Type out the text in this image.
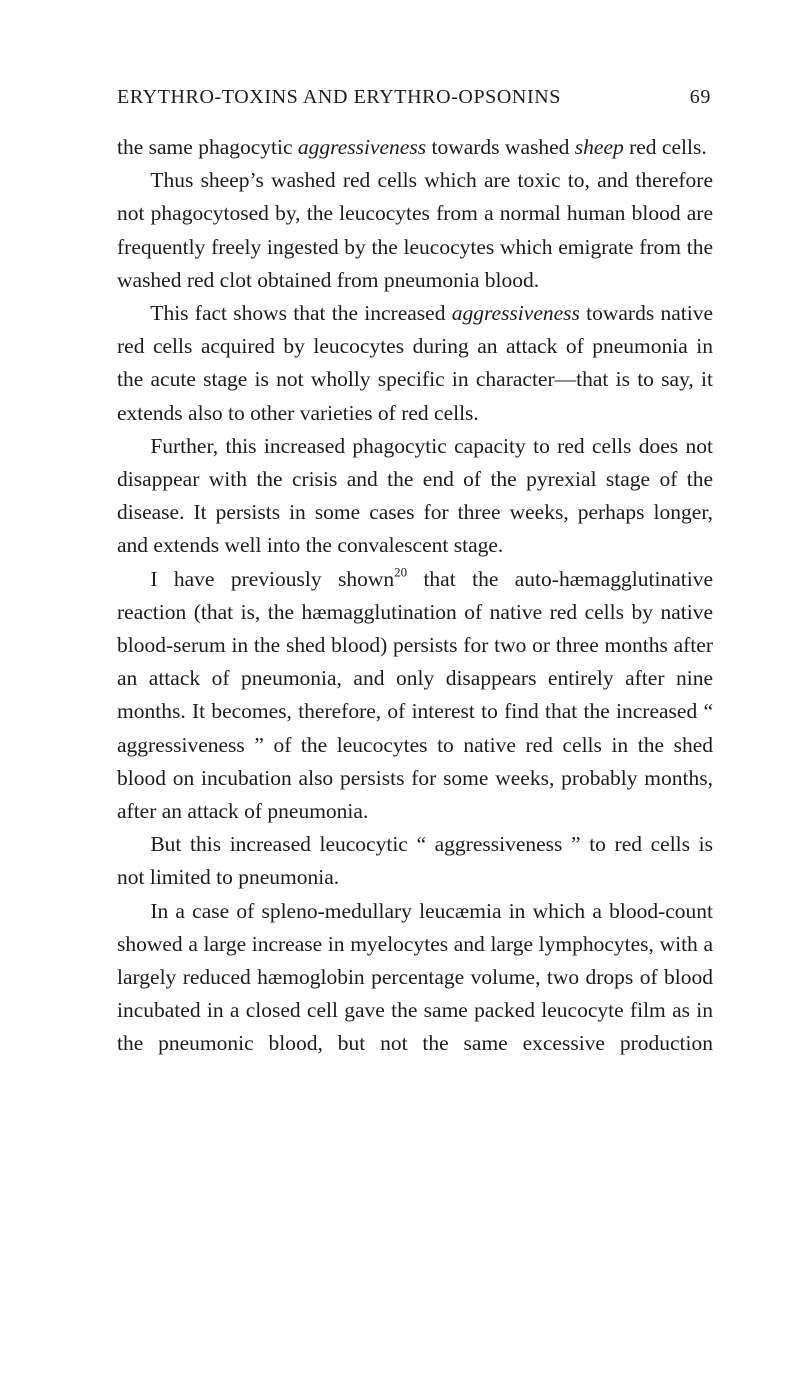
ERYTHRO-TOXINS AND ERYTHRO-OPSONINS	69

the same phagocytic aggressiveness towards washed sheep red cells.

Thus sheep’s washed red cells which are toxic to, and therefore not phagocytosed by, the leucocytes from a normal human blood are frequently freely ingested by the leucocytes which emigrate from the washed red clot obtained from pneumonia blood.

This fact shows that the increased aggressiveness towards native red cells acquired by leucocytes during an attack of pneumonia in the acute stage is not wholly specific in character—that is to say, it extends also to other varieties of red cells.

Further, this increased phagocytic capacity to red cells does not disappear with the crisis and the end of the pyrexial stage of the disease. It persists in some cases for three weeks, perhaps longer, and extends well into the convalescent stage.

I have previously shown$^{20}$ that the auto-hæmagglutinative reaction (that is, the hæmagglutination of native red cells by native blood-serum in the shed blood) persists for two or three months after an attack of pneumonia, and only disappears entirely after nine months. It becomes, therefore, of interest to find that the increased “ aggressiveness ” of the leucocytes to native red cells in the shed blood on incubation also persists for some weeks, probably months, after an attack of pneumonia.

But this increased leucocytic “ aggressiveness ” to red cells is not limited to pneumonia.

In a case of spleno-medullary leucæmia in which a blood-count showed a large increase in myelocytes and large lymphocytes, with a largely reduced hæmoglobin percentage volume, two drops of blood incubated in a closed cell gave the same packed leucocyte film as in the pneumonic blood, but not the same excessive production
